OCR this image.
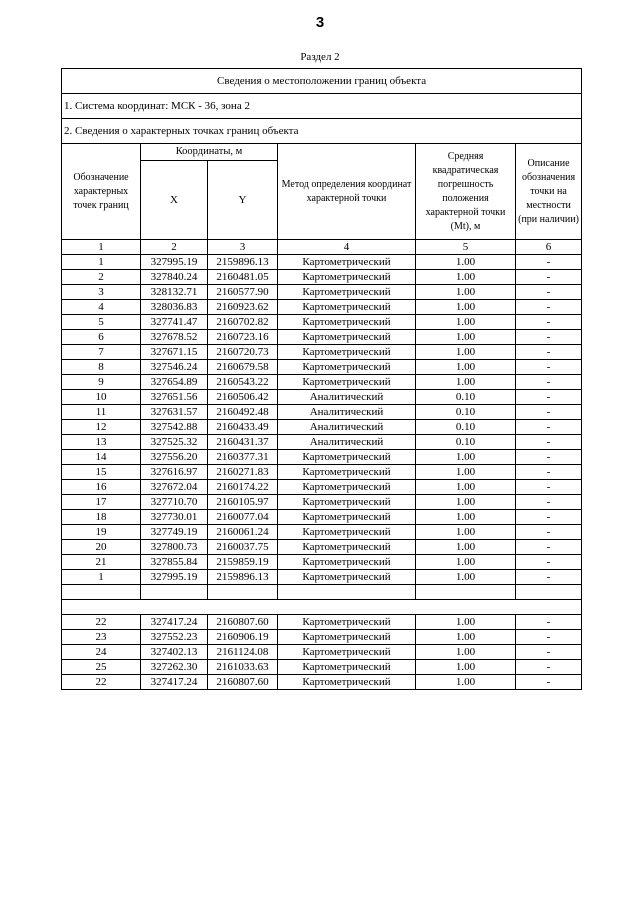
3
Раздел 2
Сведения о местоположении границ объекта					
1. Система координат: МСК - 36, зона 2					
2. Сведения о характерных точках границ объекта					
Обозначение характерных точек границ	Координаты, м		Метод определения координат характерной точки	Средняя квадратическая погрешность положения характерной точки (Mt), м	Описание обозначения точки на местности (при наличии)
	X	Y			
1	2	3	4	5	6
1	327995.19	2159896.13	Картометрический	1.00	-
2	327840.24	2160481.05	Картометрический	1.00	-
3	328132.71	2160577.90	Картометрический	1.00	-
4	328036.83	2160923.62	Картометрический	1.00	-
5	327741.47	2160702.82	Картометрический	1.00	-
6	327678.52	2160723.16	Картометрический	1.00	-
7	327671.15	2160720.73	Картометрический	1.00	-
8	327546.24	2160679.58	Картометрический	1.00	-
9	327654.89	2160543.22	Картометрический	1.00	-
10	327651.56	2160506.42	Аналитический	0.10	-
11	327631.57	2160492.48	Аналитический	0.10	-
12	327542.88	2160433.49	Аналитический	0.10	-
13	327525.32	2160431.37	Аналитический	0.10	-
14	327556.20	2160377.31	Картометрический	1.00	-
15	327616.97	2160271.83	Картометрический	1.00	-
16	327672.04	2160174.22	Картометрический	1.00	-
17	327710.70	2160105.97	Картометрический	1.00	-
18	327730.01	2160077.04	Картометрический	1.00	-
19	327749.19	2160061.24	Картометрический	1.00	-
20	327800.73	2160037.75	Картометрический	1.00	-
21	327855.84	2159859.19	Картометрический	1.00	-
1	327995.19	2159896.13	Картометрический	1.00	-

22	327417.24	2160807.60	Картометрический	1.00	-
23	327552.23	2160906.19	Картометрический	1.00	-
24	327402.13	2161124.08	Картометрический	1.00	-
25	327262.30	2161033.63	Картометрический	1.00	-
22	327417.24	2160807.60	Картометрический	1.00	-
